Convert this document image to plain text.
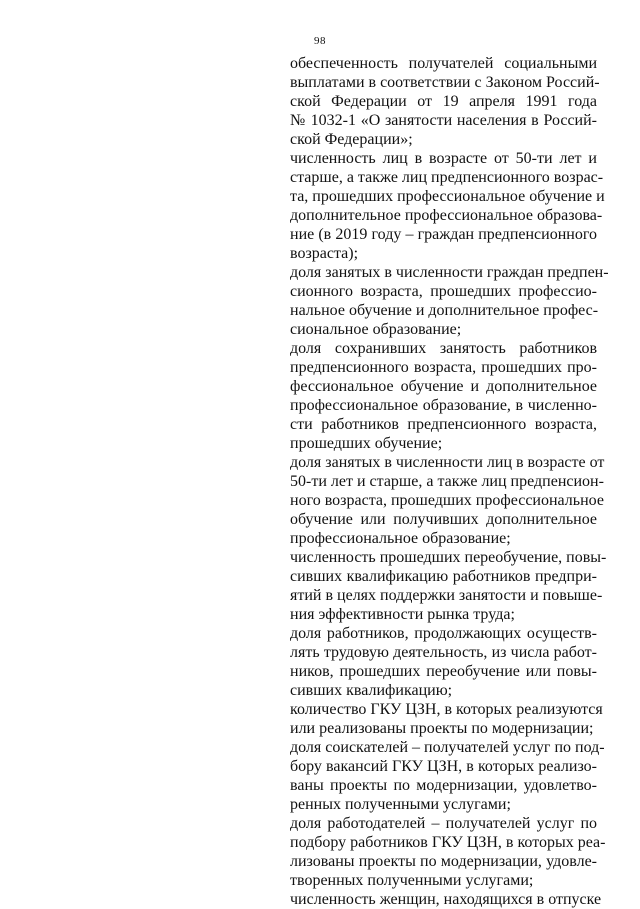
98
обеспеченность получателей социальными
выплатами в соответствии с Законом Россий-
ской Федерации от 19 апреля 1991 года
№ 1032-1 «О занятости населения в Россий-
ской Федерации»;
численность лиц в возрасте от 50-ти лет и
старше, а также лиц предпенсионного возрас-
та, прошедших профессиональное обучение и
дополнительное профессиональное образова-
ние (в 2019 году – граждан предпенсионного
возраста);
доля занятых в численности граждан предпен-
сионного возраста, прошедших профессио-
нальное обучение и дополнительное профес-
сиональное образование;
доля сохранивших занятость работников
предпенсионного возраста, прошедших про-
фессиональное обучение и дополнительное
профессиональное образование, в численно-
сти работников предпенсионного возраста,
прошедших обучение;
доля занятых в численности лиц в возрасте от
50-ти лет и старше, а также лиц предпенсион-
ного возраста, прошедших профессиональное
обучение или получивших дополнительное
профессиональное образование;
численность прошедших переобучение, повы-
сивших квалификацию работников предпри-
ятий в целях поддержки занятости и повыше-
ния эффективности рынка труда;
доля работников, продолжающих осуществ-
лять трудовую деятельность, из числа работ-
ников, прошедших переобучение или повы-
сивших квалификацию;
количество ГКУ ЦЗН, в которых реализуются
или реализованы проекты по модернизации;
доля соискателей – получателей услуг по под-
бору вакансий ГКУ ЦЗН, в которых реализо-
ваны проекты по модернизации, удовлетво-
ренных полученными услугами;
доля работодателей – получателей услуг по
подбору работников ГКУ ЦЗН, в которых реа-
лизованы проекты по модернизации, удовле-
творенных полученными услугами;
численность женщин, находящихся в отпуске
